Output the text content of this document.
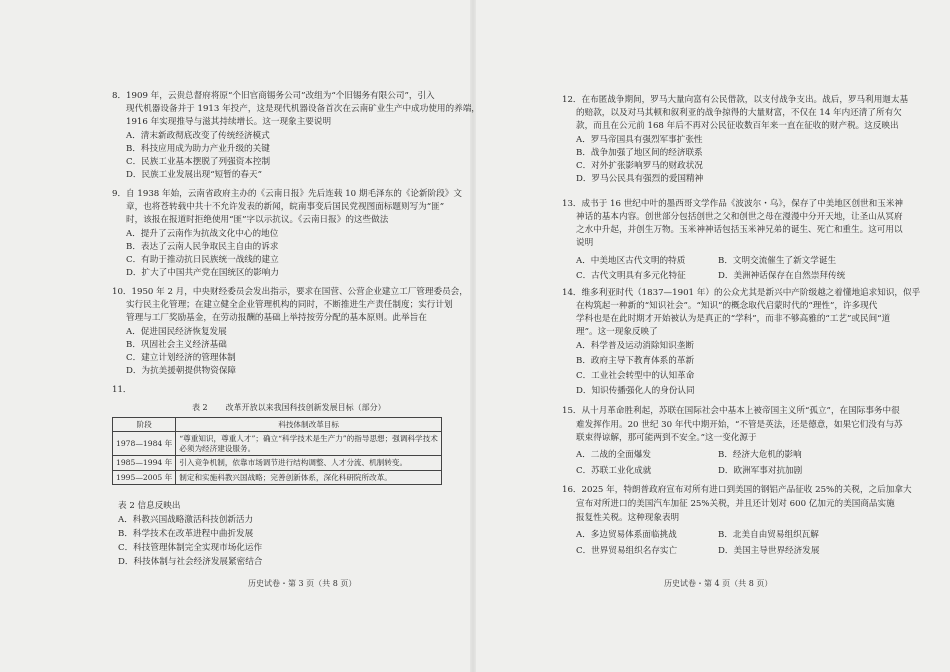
8．1909 年，云贵总督府将原“个旧官商锡务公司”改组为“个旧锡务有限公司”，引入
现代机器设备并于 1913 年投产，这是现代机器设备首次在云南矿业生产中成功使用的养端，
1916 年实现推导与滋其持续增长。这一现象主要说明
A．清末新政彻底改变了传统经济模式
B．科技应用成为助力产业升级的关键
C．民族工业基本摆脱了列强资本控制
D．民族工业发展出现“短暂的春天”
9．自 1938 年始，云南省政府主办的《云南日报》先后连载 10 期毛泽东的《论新阶段》文
章，也将苍转载中共十不允许发表的新闻，皖南事变后国民党视图面标题则写为“匪”
时，该报在报道时拒绝使用“匪”字以示抗议。《云南日报》的这些做法
A．提升了云南作为抗战文化中心的地位
B．表达了云南人民争取民主自由的诉求
C．有助于推动抗日民族统一战线的建立
D．扩大了中国共产党在国统区的影响力
10．1950 年 2 月，中央财经委员会发出指示，要求在国营、公营企业建立工厂管理委员会，
实行民主化管理；在建立健全企业管理机构的同时，不断推进生产责任制度；实行计划
管理与工厂奖励基金，在劳动报酬的基础上举持按劳分配的基本原则。此举旨在
A．促进国民经济恢复发展
B．巩固社会主义经济基础
C．建立计划经济的管理体制
D．为抗美援朝提供物资保障
11．
表 2 改革开放以来我国科技创新发展目标（部分）
阶段	科技体制改革目标
1978—1984 年	“尊重知识，尊重人才”；确立“科学技术是生产力”的指导思想；强调科学技术必须为经济建设服务。
1985—1994 年	引入竞争机制，依靠市场调节进行结构调整、人才分流、机制转变。
1995—2005 年	制定和实施科教兴国战略；完善创新体系，深化科研院所改革。
表 2 信息反映出
A．科教兴国战略激活科技创新活力
B．科学技术在改革进程中曲折发展
C．科技管理体制完全实现市场化运作
D．科技体制与社会经济发展紧密结合
历史试卷・第 3 页（共 8 页）
12．在布匿战争期间，罗马大量向富有公民借款，以支付战争支出。战后，罗马利用迦太基
的赔款，以及对马其顿和叙利亚的战争掠得的大量财富，不仅在 14 年内还清了所有欠
款，而且在公元前 168 年后不再对公民征收数百年来一直在征收的财产税。这反映出
A．罗马帝国具有强烈军事扩张性
B．战争加强了地区间的经济联系
C．对外扩张影响罗马的财政状况
D．罗马公民具有强烈的爱国精神
13．成书于 16 世纪中叶的墨西哥文学作品《波波尔・乌》，保存了中美地区创世和玉米神
神话的基本内容。创世部分包括创世之父和创世之母在漫漫中分开天地，让圣山从冥府
之水中升起，并创生万物。玉米神神话包括玉米神兄弟的诞生、死亡和重生。这可用以
说明
A．中美地区古代文明的特质	B．文明交流催生了新文学诞生
C．古代文明具有多元化特征	D．美洲神话保存在自然崇拜传统
14．维多利亚时代（1837—1901 年）的公众尤其是新兴中产阶级越之着懂地追求知识，似乎
在构筑起一种新的“知识社会”。“知识”的概念取代启蒙时代的“理性”，许多现代
学科也是在此时期才开始被认为是真正的“学科”，而非不够高雅的“工艺”或民间“道
理”。这一现象反映了
A．科学普及运动消除知识垄断
B．政府主导下教育体系的革新
C．工业社会转型中的认知革命
D．知识传播强化人的身份认同
15．从十月革命胜利起，苏联在国际社会中基本上被帝国主义所“孤立”，在国际事务中很
难发挥作用。20 世纪 30 年代中期开始，“不管是英法，还是德意，如果它们没有与苏
联束得谅解，那可能两到不安全。”这一变化源于
A．二战的全面爆发	B．经济大危机的影响
C．苏联工业化成就	D．欧洲军事对抗加剧
16．2025 年，特朗普政府宣布对所有进口到美国的钢铝产品征收 25%的关税，之后加拿大
宣布对所进口的美国汽车加征 25%关税，并且还计划对 600 亿加元的美国商品实施
报复性关税。这种现象表明
A．多边贸易体系面临挑战	B．北美自由贸易组织瓦解
C．世界贸易组织名存实亡	D．美国主导世界经济发展
历史试卷・第 4 页（共 8 页）
